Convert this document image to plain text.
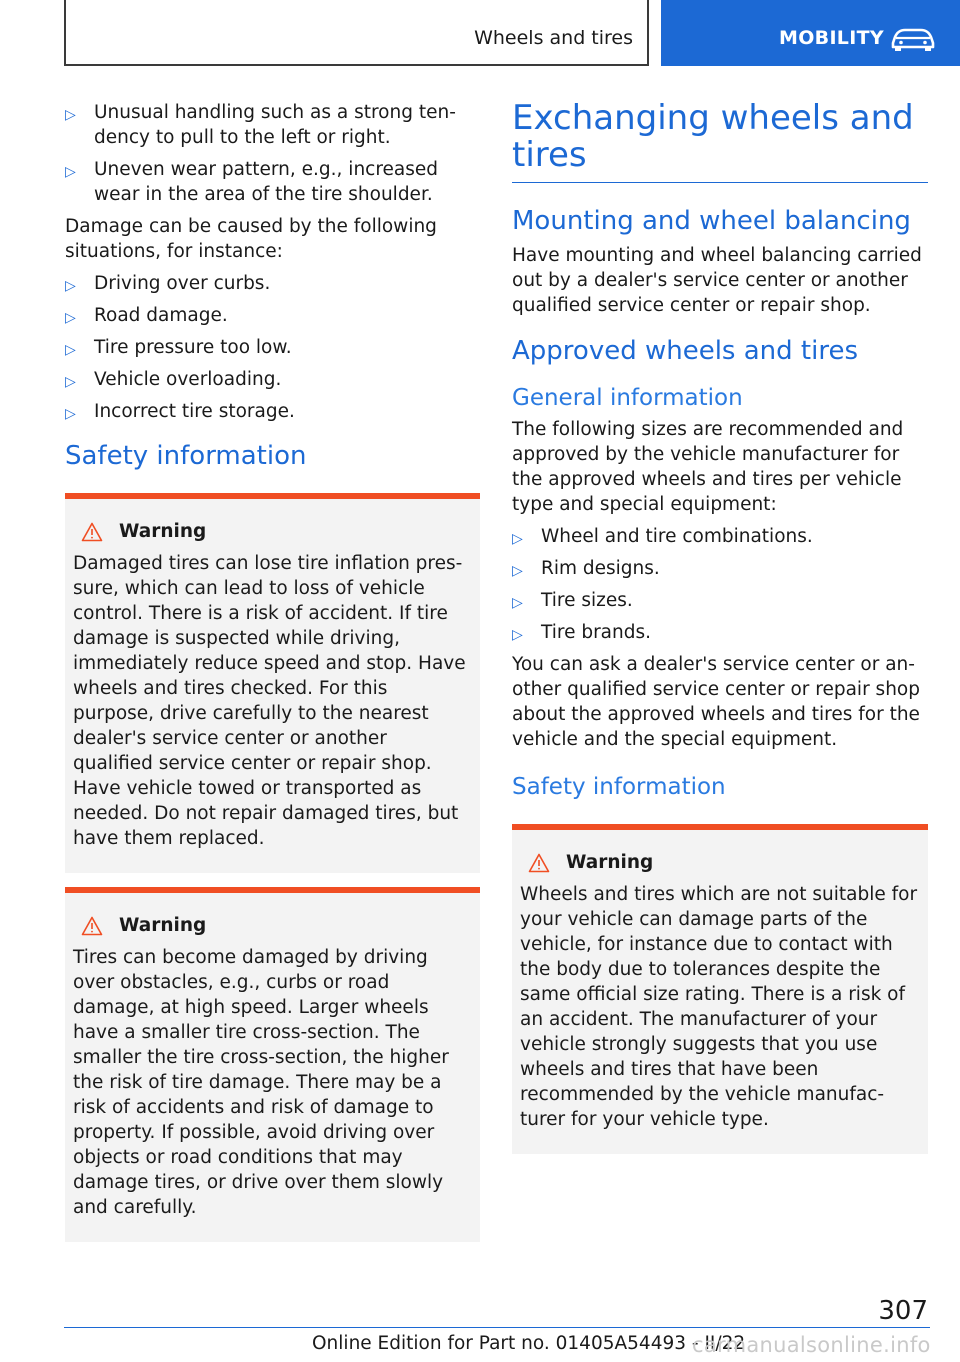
Wheels and tires	MOBILITY
▷ Unusual handling such as a strong tendency to pull to the left or right.
▷ Uneven wear pattern, e.g., increased wear in the area of the tire shoulder.

Damage can be caused by the following situations, for instance:

▷ Driving over curbs.
▷ Road damage.
▷ Tire pressure too low.
▷ Vehicle overloading.
▷ Incorrect tire storage.
Safety information
Warning

Damaged tires can lose tire inflation pressure, which can lead to loss of vehicle control. There is a risk of accident. If tire damage is suspected while driving, immediately reduce speed and stop. Have wheels and tires checked. For this purpose, drive carefully to the nearest dealer's service center or another qualified service center or repair shop. Have vehicle towed or transported as needed. Do not repair damaged tires, but have them replaced.

Warning

Tires can become damaged by driving over obstacles, e.g., curbs or road damage, at high speed. Larger wheels have a smaller tire cross-section. The smaller the tire cross-section, the higher the risk of tire damage. There may be a risk of accidents and risk of damage to property. If possible, avoid driving over objects or road conditions that may damage tires, or drive over them slowly and carefully.

Exchanging wheels and tires
Mounting and wheel balancing

Have mounting and wheel balancing carried out by a dealer's service center or another qualified service center or repair shop.

Approved wheels and tires
General information

The following sizes are recommended and approved by the vehicle manufacturer for the approved wheels and tires per vehicle type and special equipment:

▷ Wheel and tire combinations.
▷ Rim designs.
▷ Tire sizes.
▷ Tire brands.

You can ask a dealer's service center or another qualified service center or repair shop about the approved wheels and tires for the vehicle and the special equipment.

Safety information
Warning

Wheels and tires which are not suitable for your vehicle can damage parts of the vehicle, for instance due to contact with the body due to tolerances despite the same official size rating. There is a risk of an accident. The manufacturer of your vehicle strongly suggests that you use wheels and tires that have been recommended by the vehicle manufacturer for your vehicle type.

307
Online Edition for Part no. 01405A54493 - II/22
carmanualsonline.info
